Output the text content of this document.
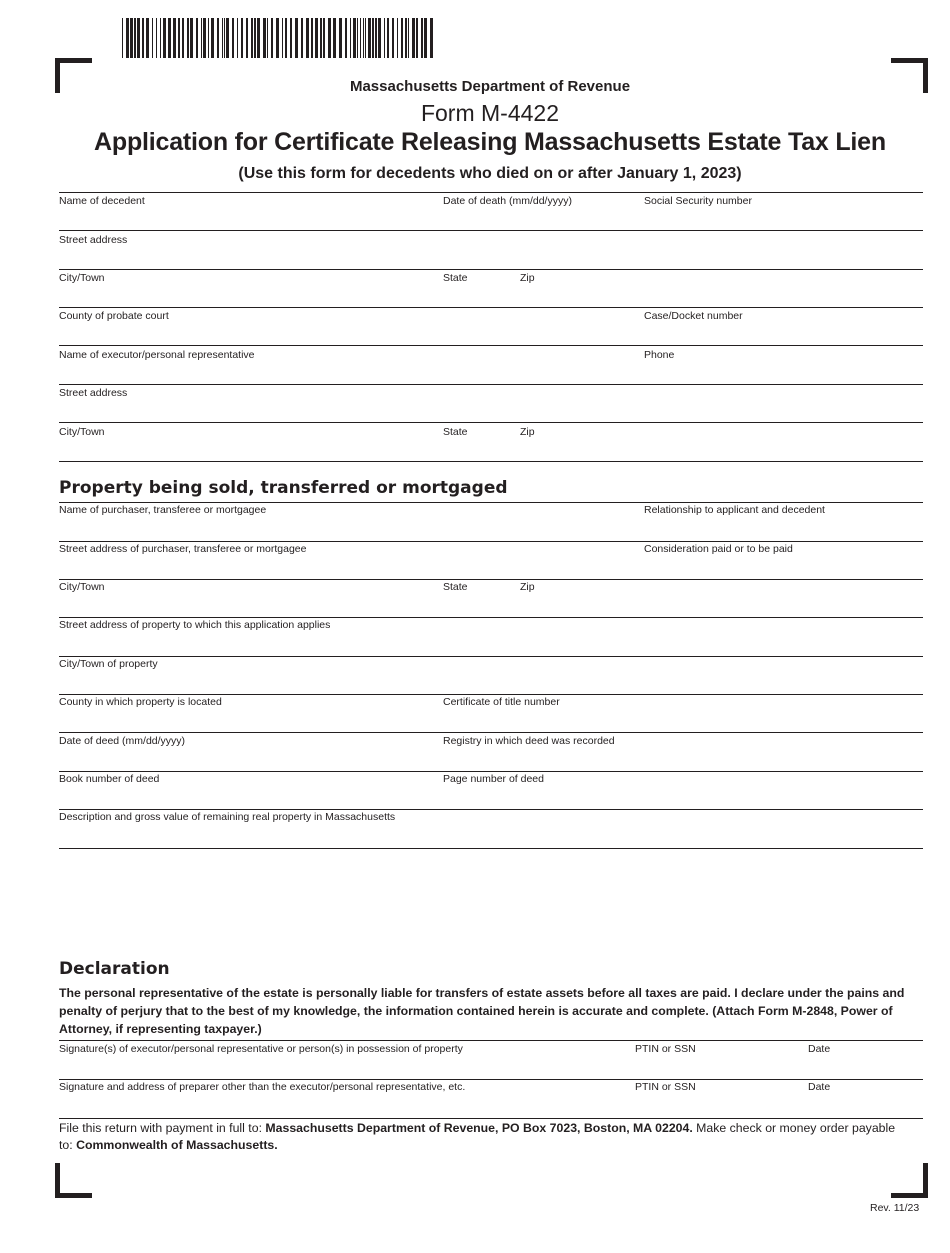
Massachusetts Department of Revenue
Form M-4422
Application for Certificate Releasing Massachusetts Estate Tax Lien
(Use this form for decedents who died on or after January 1, 2023)
Name of decedent	Date of death (mm/dd/yyyy)	Social Security number
Street address
City/Town	State	Zip
County of probate court	Case/Docket number
Name of executor/personal representative	Phone
Street address
City/Town	State	Zip
Property being sold, transferred or mortgaged
Name of purchaser, transferee or mortgagee	Relationship to applicant and decedent
Street address of purchaser, transferee or mortgagee	Consideration paid or to be paid
City/Town	State	Zip
Street address of property to which this application applies
City/Town of property
County in which property is located	Certificate of title number
Date of deed (mm/dd/yyyy)	Registry in which deed was recorded
Book number of deed	Page number of deed
Description and gross value of remaining real property in Massachusetts
Declaration
The personal representative of the estate is personally liable for transfers of estate assets before all taxes are paid. I declare under the pains and penalty of perjury that to the best of my knowledge, the information contained herein is accurate and complete. (Attach Form M-2848, Power of Attorney, if representing taxpayer.)
Signature(s) of executor/personal representative or person(s) in possession of property	PTIN or SSN	Date
Signature and address of preparer other than the executor/personal representative, etc.	PTIN or SSN	Date
File this return with payment in full to: Massachusetts Department of Revenue, PO Box 7023, Boston, MA 02204. Make check or money order payable to: Commonwealth of Massachusetts.
Rev. 11/23
